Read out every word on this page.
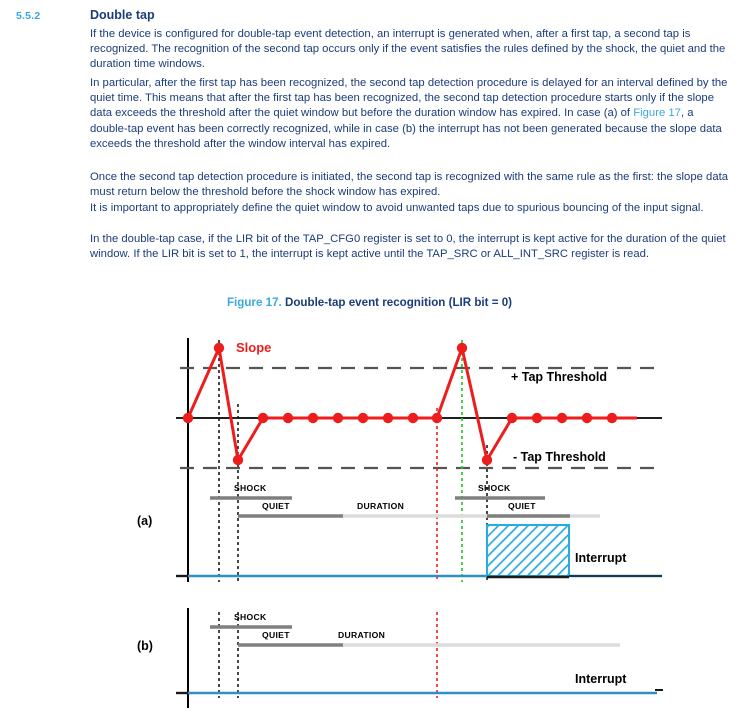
5.5.2	Double tap
If the device is configured for double-tap event detection, an interrupt is generated when, after a first tap, a second tap is recognized. The recognition of the second tap occurs only if the event satisfies the rules defined by the shock, the quiet and the duration time windows.
In particular, after the first tap has been recognized, the second tap detection procedure is delayed for an interval defined by the quiet time. This means that after the first tap has been recognized, the second tap detection procedure starts only if the slope data exceeds the threshold after the quiet window but before the duration window has expired. In case (a) of Figure 17, a double-tap event has been correctly recognized, while in case (b) the interrupt has not been generated because the slope data exceeds the threshold after the window interval has expired.
Once the second tap detection procedure is initiated, the second tap is recognized with the same rule as the first: the slope data must return below the threshold before the shock window has expired.
It is important to appropriately define the quiet window to avoid unwanted taps due to spurious bouncing of the input signal.
In the double-tap case, if the LIR bit of the TAP_CFG0 register is set to 0, the interrupt is kept active for the duration of the quiet window. If the LIR bit is set to 1, the interrupt is kept active until the TAP_SRC or ALL_INT_SRC register is read.
Figure 17. Double-tap event recognition (LIR bit = 0)
Slope
+ Tap Threshold
- Tap Threshold
(a)
(b)
Interrupt
Interrupt
SHOCK
QUIET	DURATION
SHOCK
QUIET
SHOCK
QUIET	DURATION
